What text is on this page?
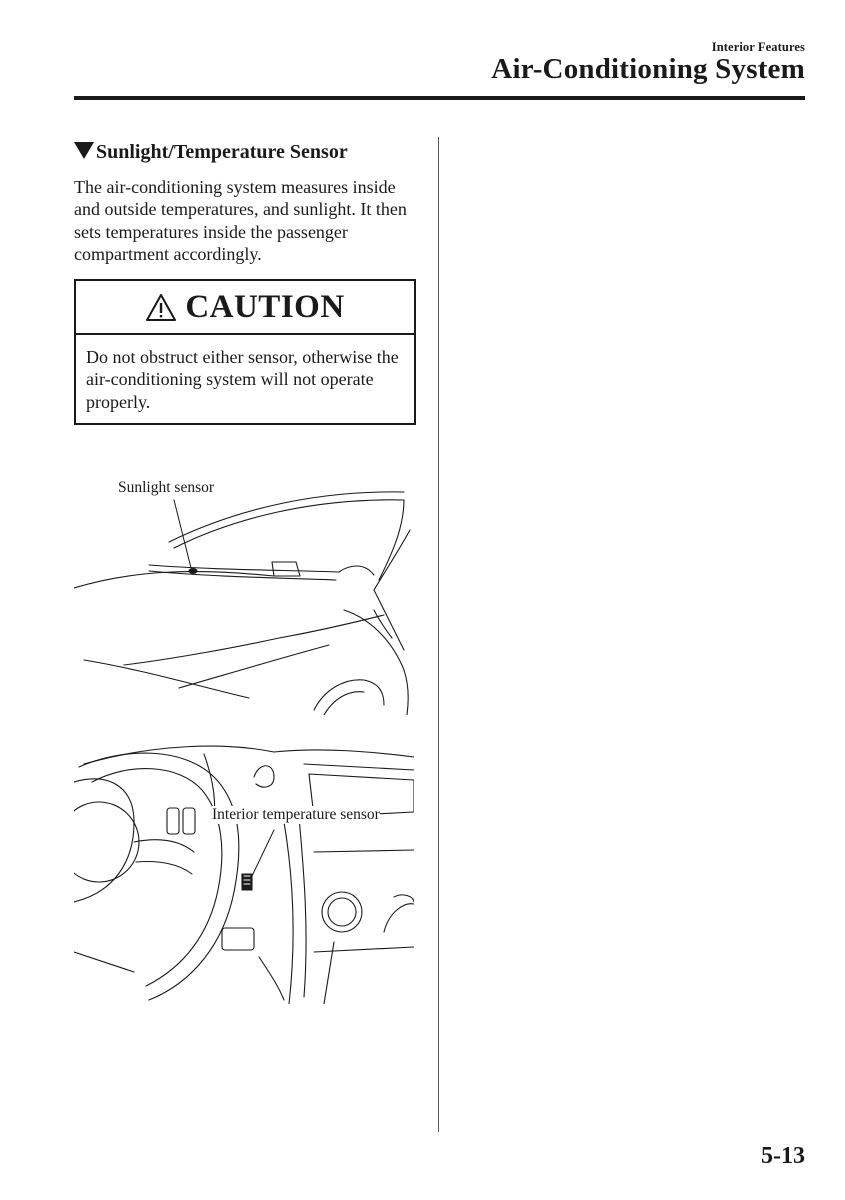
Interior Features
Air-Conditioning System
Sunlight/Temperature Sensor
The air-conditioning system measures inside and outside temperatures, and sunlight. It then sets temperatures inside the passenger compartment accordingly.
CAUTION
Do not obstruct either sensor, otherwise the air-conditioning system will not operate properly.
Sunlight sensor
Interior temperature sensor
5-13
